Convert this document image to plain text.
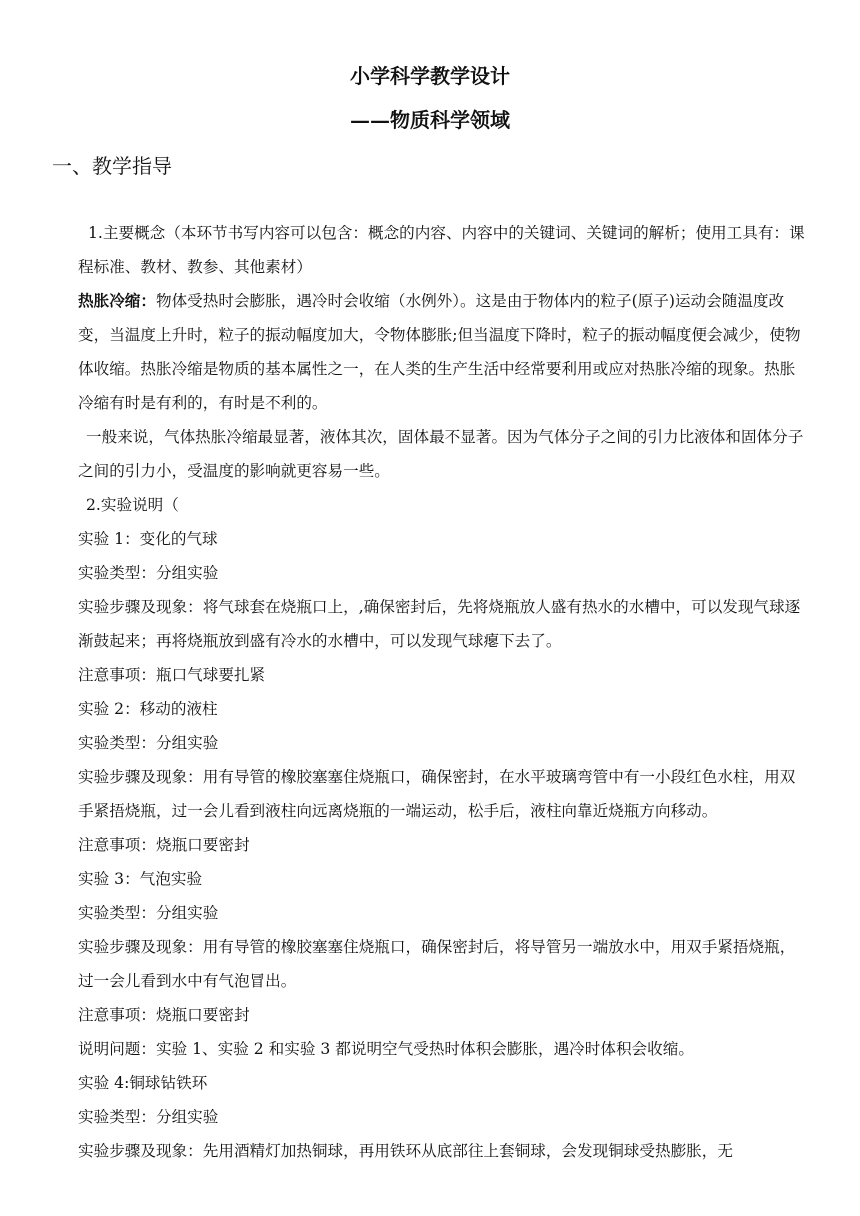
小学科学教学设计
——物质科学领域
一、教学指导

1.主要概念（本环节书写内容可以包含：概念的内容、内容中的关键词、关键词的解析；使用工具有：课程标准、教材、教参、其他素材）

热胀冷缩：物体受热时会膨胀，遇冷时会收缩（水例外）。这是由于物体内的粒子(原子)运动会随温度改变，当温度上升时，粒子的振动幅度加大，令物体膨胀;但当温度下降时，粒子的振动幅度便会减少，使物体收缩。热胀冷缩是物质的基本属性之一，在人类的生产生活中经常要利用或应对热胀冷缩的现象。热胀冷缩有时是有利的，有时是不利的。

一般来说，气体热胀冷缩最显著，液体其次，固体最不显著。因为气体分子之间的引力比液体和固体分子之间的引力小，受温度的影响就更容易一些。

2.实验说明（

实验 1：变化的气球

实验类型：分组实验

实验步骤及现象：将气球套在烧瓶口上，,确保密封后，先将烧瓶放人盛有热水的水槽中，可以发现气球逐渐鼓起来；再将烧瓶放到盛有冷水的水槽中，可以发现气球瘪下去了。

注意事项：瓶口气球要扎紧

实验 2：移动的液柱

实验类型：分组实验

实验步骤及现象：用有导管的橡胶塞塞住烧瓶口，确保密封，在水平玻璃弯管中有一小段红色水柱，用双手紧捂烧瓶，过一会儿看到液柱向远离烧瓶的一端运动，松手后，液柱向靠近烧瓶方向移动。

注意事项：烧瓶口要密封

实验 3：气泡实验

实验类型：分组实验

实验步骤及现象：用有导管的橡胶塞塞住烧瓶口，确保密封后，将导管另一端放水中，用双手紧捂烧瓶，过一会儿看到水中有气泡冒出。

注意事项：烧瓶口要密封

说明问题：实验 1、实验 2 和实验 3 都说明空气受热时体积会膨胀，遇冷时体积会收缩。

实验 4:铜球钻铁环

实验类型：分组实验

实验步骤及现象：先用酒精灯加热铜球，再用铁环从底部往上套铜球，会发现铜球受热膨胀，无
